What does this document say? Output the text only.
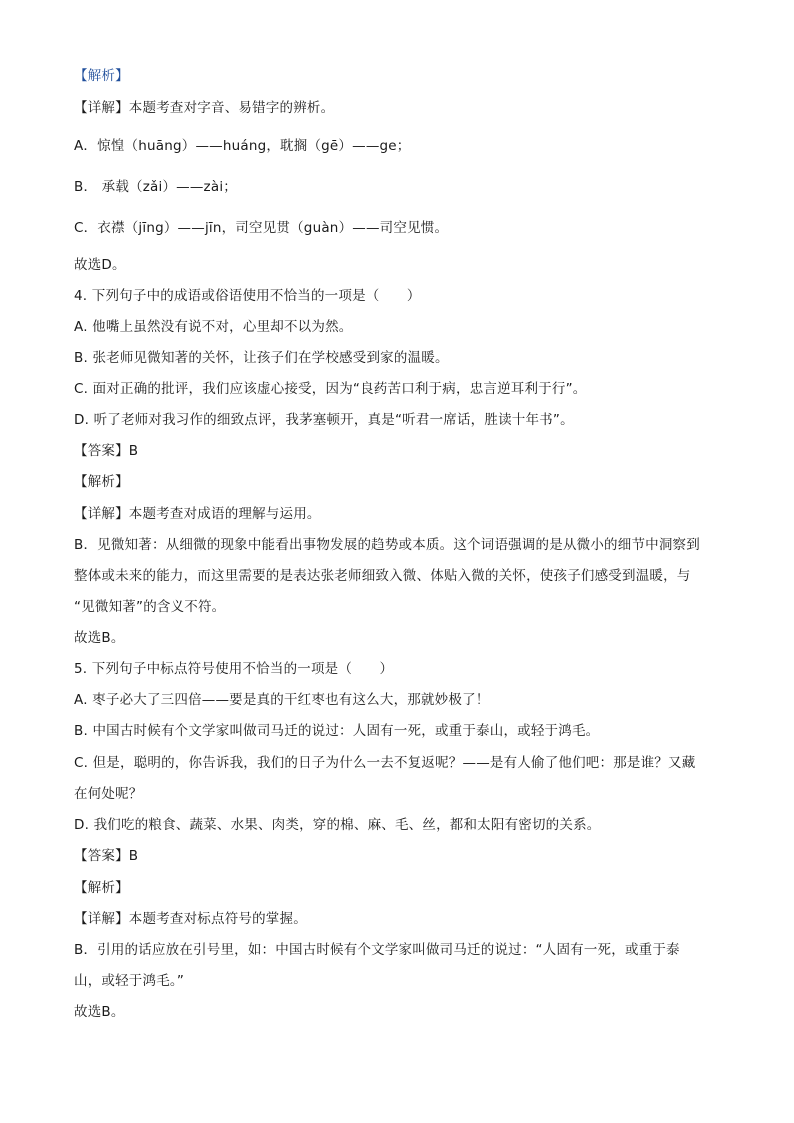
【解析】
【详解】本题考查对字音、易错字的辨析。
A．惊惶（huāng）——huáng，耽搁（gē）——ge；
B． 承载（zǎi）——zài；
C．衣襟（jīng）——jīn，司空见贯（guàn）——司空见惯。
故选D。
4. 下列句子中的成语或俗语使用不恰当的一项是（　　）
A. 他嘴上虽然没有说不对，心里却不以为然。
B. 张老师见微知著的关怀，让孩子们在学校感受到家的温暖。
C. 面对正确的批评，我们应该虚心接受，因为“良药苦口利于病，忠言逆耳利于行”。
D. 听了老师对我习作的细致点评，我茅塞顿开，真是“听君一席话，胜读十年书”。
【答案】B
【解析】
【详解】本题考查对成语的理解与运用。
B．见微知著：从细微的现象中能看出事物发展的趋势或本质。这个词语强调的是从微小的细节中洞察到
整体或未来的能力，而这里需要的是表达张老师细致入微、体贴入微的关怀，使孩子们感受到温暖，与
“见微知著”的含义不符。
故选B。
5. 下列句子中标点符号使用不恰当的一项是（　　）
A. 枣子必大了三四倍——要是真的干红枣也有这么大，那就妙极了！
B. 中国古时候有个文学家叫做司马迁的说过：人固有一死，或重于泰山，或轻于鸿毛。
C. 但是，聪明的，你告诉我，我们的日子为什么一去不复返呢？——是有人偷了他们吧：那是谁？又藏
在何处呢？
D. 我们吃的粮食、蔬菜、水果、肉类，穿的棉、麻、毛、丝，都和太阳有密切的关系。
【答案】B
【解析】
【详解】本题考查对标点符号的掌握。
B．引用的话应放在引号里，如：中国古时候有个文学家叫做司马迁的说过：“人固有一死，或重于泰
山，或轻于鸿毛。”
故选B。
